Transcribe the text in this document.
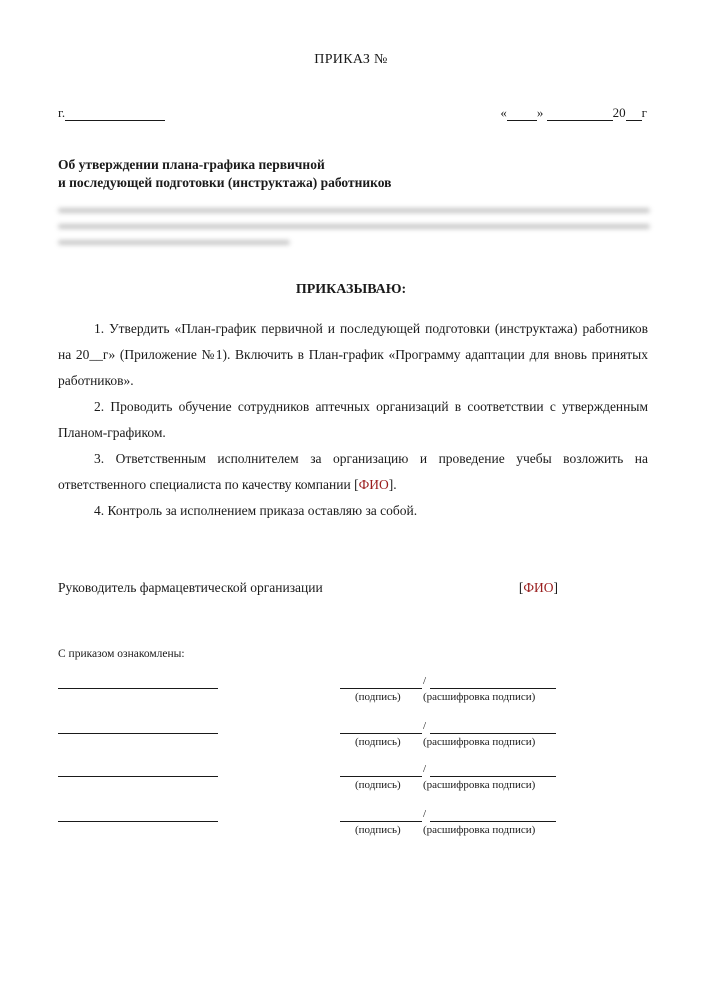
ПРИКАЗ №
г.	« »	20 г
Об утверждении плана-графика первичной
и последующей подготовки (инструктажа) работников
ПРИКАЗЫВАЮ:

1. Утвердить «План-график первичной и последующей подготовки (инструктажа) работников на 20__г» (Приложение №1). Включить в План-график «Программу адаптации для вновь принятых работников».

2. Проводить обучение сотрудников аптечных организаций в соответствии с утвержденным Планом-графиком.

3. Ответственным исполнителем за организацию и проведение учебы возложить на ответственного специалиста по качеству компании [ФИО].

4. Контроль за исполнением приказа оставляю за собой.

Руководитель фармацевтической организации	[ФИО]
С приказом ознакомлены:
/
(подпись) (расшифровка подписи)
/
(подпись) (расшифровка подписи)
/
(подпись) (расшифровка подписи)
/
(подпись) (расшифровка подписи)
